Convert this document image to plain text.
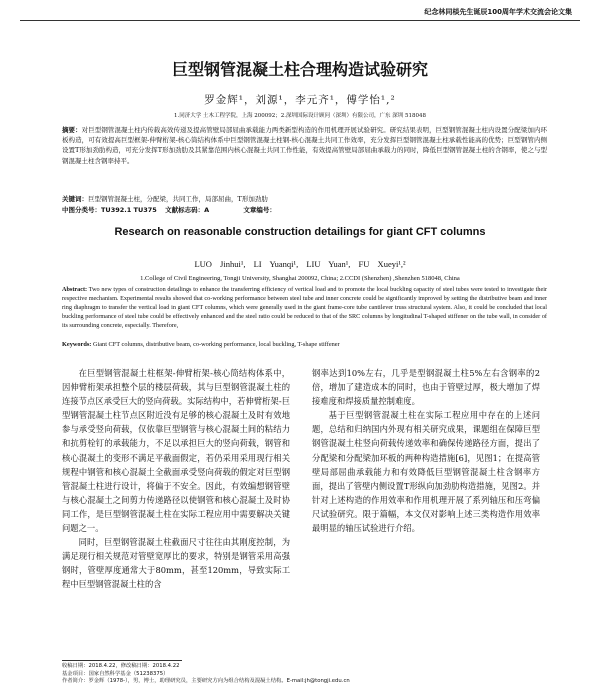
纪念林同棪先生诞辰100周年学术交流会论文集
巨型钢管混凝土柱合理构造试验研究
罗金辉¹，刘源¹，李元齐¹，傅学怡¹,²
1.同济大学 土木工程学院，上海 200092；2.深圳国际设计顾问（深圳）有限公司，广东 深圳 518048
摘要：对巨型钢管混凝土柱内传载高效传递及提高管壁局部屈曲承载能力两类新型构造的作用机理开展试验研究。研究结果表明，巨型钢管混凝土柱内设置分配梁加内环板构造，可有效提高巨型框架-伸臂桁架-核心筒结构体系中巨型钢管混凝土柱钢-核心混凝土共同工作效率，充分发挥巨型钢管混凝土柱承载性能高的优势；巨型钢管内侧设置T形加劲肋构造，可充分发挥T形加劲肋及其紧靠范围内核心混凝土共同工作性能，有效提高管壁局部屈曲承载力的同时，降低巨型钢管混凝土柱的含钢率，使之与型钢混凝土柱含钢率持平。
关键词：巨型钢管混凝土柱，分配梁，共同工作，局部屈曲，T形加劲肋
中图分类号：TU392.1 TU375 文献标志码：A	文章编号：
Research on reasonable construction detailings for giant CFT columns
LUO Jinhui¹, LI Yuanqi¹, LIU Yuan¹, FU Xueyi¹,²
1.College of Civil Engineering, Tongji University, Shanghai 200092, China; 2.CCDI (Shenzhen) ,Shenzhen 518048, China
Abstract: Two new types of construction detailings to enhance the transferring efficiency of vertical load and to promote the local buckling capacity of steel tubes were tested to investigate their respective mechanism. Experimental results showed that co-working performance between steel tube and inner concrete could be significantly improved by setting the distributive beam and inner ring diaphragm to transfer the vertical load in giant CFT columns, which were generally used in the giant frame-core tube cantilever truss structural system. Also, it could be concluded that local buckling performance of steel tube could be effectively enhanced and the steel ratio could be reduced to that of the SRC columns by longitudinal T-shaped stiffener on the tube wall, in consider of its surrounding concrete, especially. Therefore,
Keywords: Giant CFT columns, distributive beam, co-working performance, local buckling, T-shape stiffener

在巨型钢管混凝土柱框架-伸臂桁架-核心筒结构体系中，因伸臂桁架承担整个层的楼层荷载，其与巨型钢管混凝土柱的连接节点区承受巨大的竖向荷载。实际结构中，若伸臂桁架-巨型钢管混凝土柱节点区附近没有足够的核心混凝土及时有效地参与承受竖向荷载，仅依靠巨型钢管与核心混凝土间的粘结力和抗剪栓钉的承载能力，不足以承担巨大的竖向荷载，钢管和核心混凝土的变形不满足平截面假定，若仍采用采用现行相关规程中钢管和核心混凝土全截面承受竖向荷载的假定对巨型钢管混凝土柱进行设计，将偏于不安全。因此，有效编想钢管壁与核心混凝土之间剪力传递路径以使钢管和核心混凝土及时协同工作，是巨型钢管混凝土柱在实际工程应用中需要解决关键问题之一。

同时，巨型钢管混凝土柱截面尺寸往往由其刚度控制，为满足现行相关规范对管壁宽厚比的要求，特别是钢管采用高强钢时，管壁厚度通常大于80mm，甚至120mm，导致实际工程中巨型钢管混凝土柱的含

钢率达到10%左右，几乎是型钢混凝土柱5%左右含钢率的2倍，增加了建造成本的同时，也由于管壁过厚，极大增加了焊接难度和焊接质量控制难度。

基于巨型钢管混凝土柱在实际工程应用中存在的上述问题，总结和归纳国内外现有相关研究成果，课题组在保障巨型钢管混凝土柱竖向荷载传递效率和确保传递路径方面，提出了分配梁和分配梁加环板的两种构造措施[6]，见图1；在提高管壁局部屈曲承载能力和有效降低巨型钢管混凝土柱含钢率方面，提出了管壁内侧设置T形纵向加劲肋构造措施，见图2。并针对上述构造的作用效率和作用机理开展了系列轴压和压弯偏尺试验研究。限于篇幅，本文仅对影响上述三类构造作用效率最明显的轴压试验进行介绍。

收稿日期：2018.4.22，修改稿日期：2018.4.22
基金项目：国家自然科学基金（51238375）
作者简介：罗金辉（1978-），男，博士，助理研究员，主要研究方向为组合结构及混凝土结构。E-mail:jh@tongji.edu.cn
